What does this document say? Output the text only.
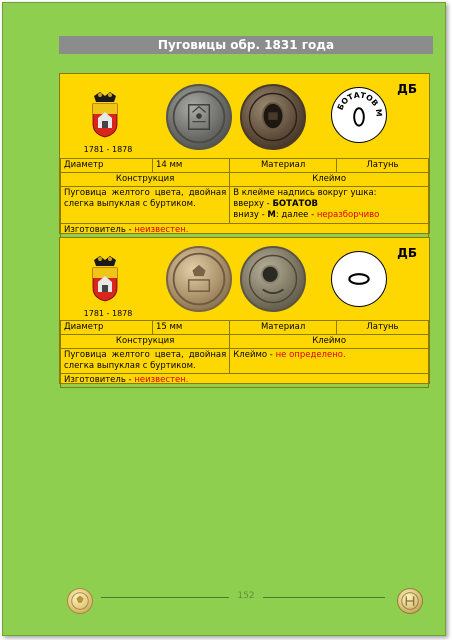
Пуговицы обр. 1831 года
1781 - 1878
БОТАТОВ М
ДБ
Диаметр	14 мм	Материал	Латунь
Конструкция		Клеймо	
Пуговица желтого цвета, двойная слегка выпуклая с буртиком.		В клейме надпись вокруг ушка:
вверху - БОТАТОВ
внизу - М: далее - неразборчиво	

Изготовитель - неизвестен.			
1781 - 1878
ДБ
Диаметр	15 мм	Материал	Латунь
Конструкция		Клеймо	
Пуговица желтого цвета, двойная слегка выпуклая с буртиком.		Клеймо - не определено.	
Изготовитель - неизвестен.			
152
